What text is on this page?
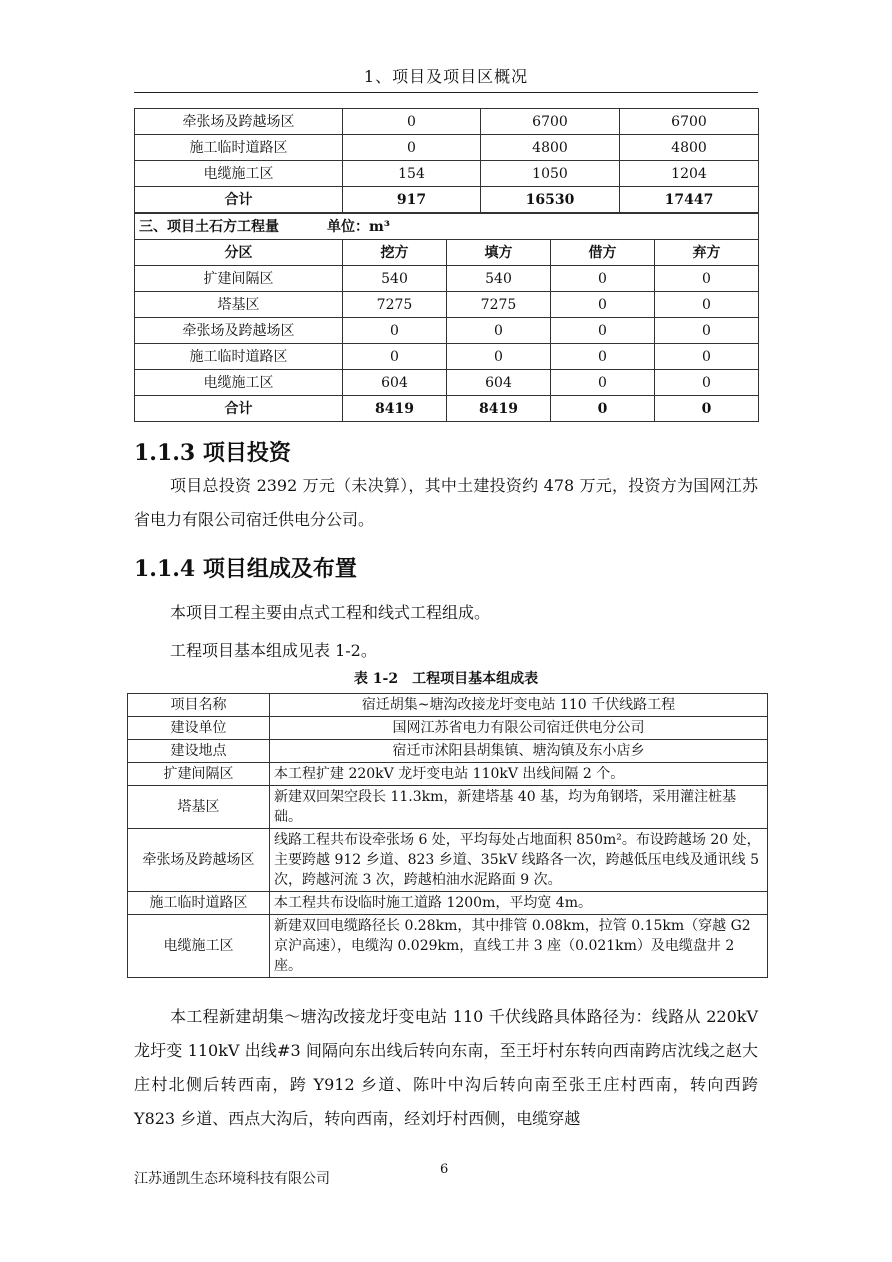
1、项目及项目区概况
牵张场及跨越场区	0	6700	6700
施工临时道路区	0	4800	4800
电缆施工区	154	1050	1204
合计	917	16530	17447
三、项目土石方工程量 单位：m³				
分区	挖方	填方	借方	弃方
扩建间隔区	540	540	0	0
塔基区	7275	7275	0	0
牵张场及跨越场区	0	0	0	0
施工临时道路区	0	0	0	0
电缆施工区	604	604	0	0
合计	8419	8419	0	0
1.1.3 项目投资

项目总投资 2392 万元（未决算），其中土建投资约 478 万元，投资方为国网江苏省电力有限公司宿迁供电分公司。

1.1.4 项目组成及布置

本项目工程主要由点式工程和线式工程组成。

工程项目基本组成见表 1-2。

表 1-2　工程项目基本组成表
项目名称	宿迁胡集~塘沟改接龙圩变电站 110 千伏线路工程
建设单位	国网江苏省电力有限公司宿迁供电分公司
建设地点	宿迁市沭阳县胡集镇、塘沟镇及东小店乡
扩建间隔区	本工程扩建 220kV 龙圩变电站 110kV 出线间隔 2 个。
塔基区	新建双回架空段长 11.3km，新建塔基 40 基，均为角钢塔，采用灌注桩基础。
牵张场及跨越场区	线路工程共布设牵张场 6 处，平均每处占地面积 850m²。布设跨越场 20 处，主要跨越 912 乡道、823 乡道、35kV 线路各一次，跨越低压电线及通讯线 5 次，跨越河流 3 次，跨越柏油水泥路面 9 次。
施工临时道路区	本工程共布设临时施工道路 1200m，平均宽 4m。
电缆施工区	新建双回电缆路径长 0.28km，其中排管 0.08km，拉管 0.15km（穿越 G2 京沪高速），电缆沟 0.029km，直线工井 3 座（0.021km）及电缆盘井 2 座。

本工程新建胡集～塘沟改接龙圩变电站 110 千伏线路具体路径为：线路从 220kV 龙圩变 110kV 出线#3 间隔向东出线后转向东南，至王圩村东转向西南跨店沈线之赵大庄村北侧后转西南，跨 Y912 乡道、陈叶中沟后转向南至张王庄村西南，转向西跨 Y823 乡道、西点大沟后，转向西南，经刘圩村西侧，电缆穿越

6
江苏通凯生态环境科技有限公司
